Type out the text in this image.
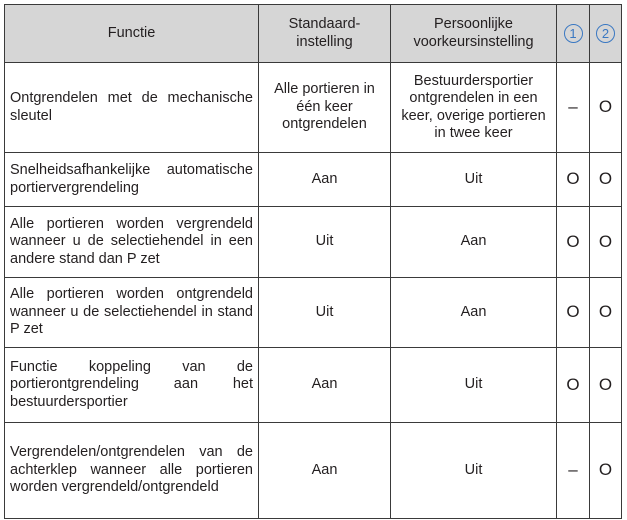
Functie	Standaard-instelling	Persoonlijke voorkeursinstelling	1	2
Ontgrendelen met de mechanische sleutel	Alle portieren in één keer ontgrendelen	Bestuurdersportier ontgrendelen in een keer, overige portieren in twee keer	–	O
Snelheidsafhankelijke automatische portiervergrendeling	Aan	Uit	O	O
Alle portieren worden vergrendeld wanneer u de selectiehendel in een andere stand dan P zet	Uit	Aan	O	O
Alle portieren worden ontgrendeld wanneer u de selectiehendel in stand P zet	Uit	Aan	O	O
Functie koppeling van de portierontgrendeling aan het bestuurdersportier	Aan	Uit	O	O
Vergrendelen/ontgrendelen van de achterklep wanneer alle portieren worden vergrendeld/ontgrendeld	Aan	Uit	–	O
